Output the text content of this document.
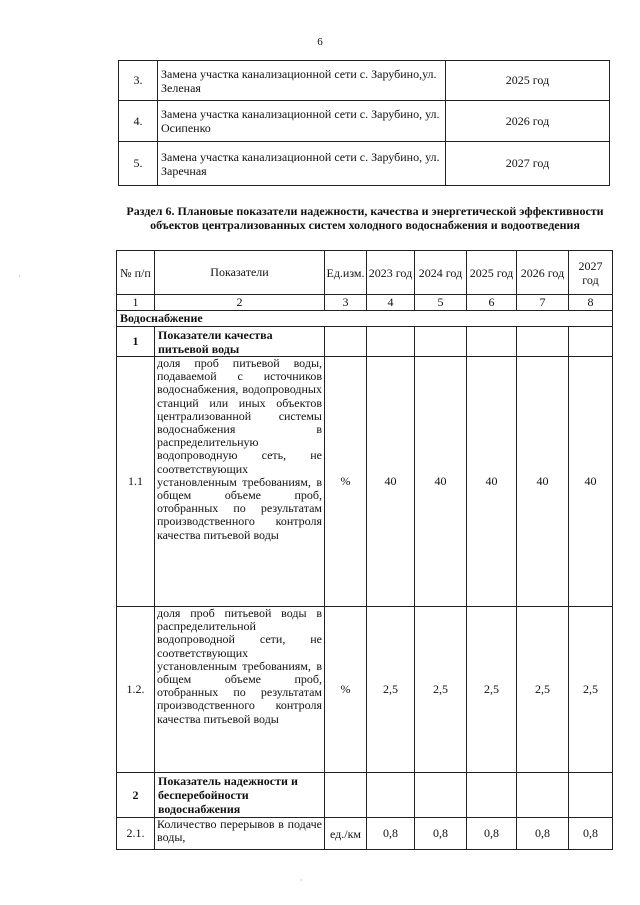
6
3.	Замена участка канализационной сети с. Зарубино,ул. Зеленая	2025 год
4.	Замена участка канализационной сети с. Зарубино, ул. Осипенко	2026 год
5.	Замена участка канализационной сети с. Зарубино, ул. Заречная	2027 год
Раздел 6. Плановые показатели надежности, качества и энергетической эффективности объектов централизованных систем холодного водоснабжения и водоотведения
№ п/п	Показатели	Ед.изм.	2023 год	2024 год	2025 год	2026 год	2027 год
1	2	3	4	5	6	7	8
Водоснабжение							
1	Показатели качества питьевой воды						
1.1	доля проб питьевой воды, подаваемой с источников водоснабжения, водопроводных станций или иных объектов централизованной системы водоснабжения в распределительную водопроводную сеть, не соответствующих установленным требованиям, в общем объеме проб, отобранных по результатам производственного контроля качества питьевой воды	%	40	40	40	40	40
1.2.	доля проб питьевой воды в распределительной водопроводной сети, не соответствующих установленным требованиям, в общем объеме проб, отобранных по результатам производственного контроля качества питьевой воды	%	2,5	2,5	2,5	2,5	2,5
2	Показатель надежности и бесперебойности водоснабжения						
2.1.	Количество перерывов в подаче воды,	ед./км	0,8	0,8	0,8	0,8	0,8
·
·
